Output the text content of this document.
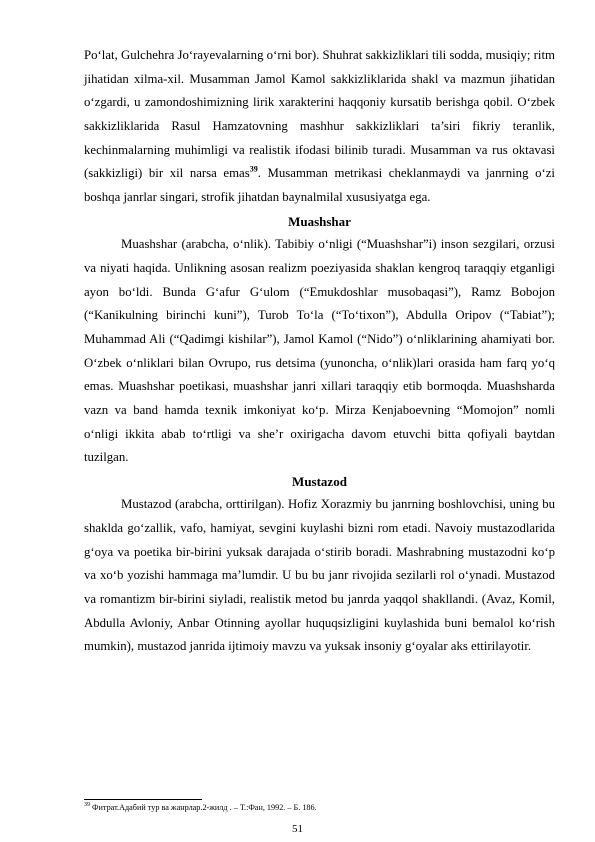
Po‘lat, Gulchehra Jo‘rayevalarning o‘rni bor). Shuhrat sakkizliklari tili sodda, musiqiy; ritm jihatidan xilma-xil. Musamman Jamol Kamol sakkizliklarida shakl va mazmun jihatidan o‘zgardi, u zamondoshimizning lirik xarakterini haqqoniy kursatib berishga qobil. O‘zbek sakkizliklarida Rasul Hamzatovning mashhur sakkizliklari ta’siri fikriy teranlik, kechinmalarning muhimligi va realistik ifodasi bilinib turadi. Musamman va rus oktavasi (sakkizligi) bir xil narsa emas$^{39}$. Musamman metrikasi cheklanmaydi va janrning o‘zi boshqa janrlar singari, strofik jihatdan baynalmilal xususiyatga ega.

Muashshar

Muashshar (arabcha, o‘nlik). Tabibiy o‘nligi (“Muashshar”i) inson sezgilari, orzusi va niyati haqida. Unlikning asosan realizm poeziyasida shaklan kengroq taraqqiy etganligi ayon bo‘ldi. Bunda G‘afur G‘ulom (“Emukdoshlar musobaqasi”), Ramz Bobojon (“Kanikulning birinchi kuni”), Turob To‘la (“To‘tixon”), Abdulla Oripov (“Tabiat”); Muhammad Ali (“Qadimgi kishilar”), Jamol Kamol (“Nido”) o‘nliklarining ahamiyati bor. O‘zbek o‘nliklari bilan Ovrupo, rus detsima (yunoncha, o‘nlik)lari orasida ham farq yo‘q emas. Muashshar poetikasi, muashshar janri xillari taraqqiy etib bormoqda. Muashsharda vazn va band hamda texnik imkoniyat ko‘p. Mirza Kenjaboevning “Momojon” nomli o‘nligi ikkita abab to‘rtligi va she’r oxirigacha davom etuvchi bitta qofiyali baytdan tuzilgan.

Mustazod

Mustazod (arabcha, orttirilgan). Hofiz Xorazmiy bu janrning boshlovchisi, uning bu shaklda go‘zallik, vafo, hamiyat, sevgini kuylashi bizni rom etadi. Navoiy mustazodlarida g‘oya va poetika bir-birini yuksak darajada o‘stirib boradi. Mashrabning mustazodni ko‘p va xo‘b yozishi hammaga ma’lumdir. U bu bu janr rivojida sezilarli rol o‘ynadi. Mustazod va romantizm bir-birini siyladi, realistik metod bu janrda yaqqol shakllandi. (Avaz, Komil, Abdulla Avloniy, Anbar Otinning ayollar huquqsizligini kuylashida buni bemalol ko‘rish mumkin), mustazod janrida ijtimoiy mavzu va yuksak insoniy g‘oyalar aks ettirilayotir.

$^{39}$ Фитрат.Адабий тур ва жанрлар.2-жилд . – Т.:Фан, 1992. – Б. 186.
51
